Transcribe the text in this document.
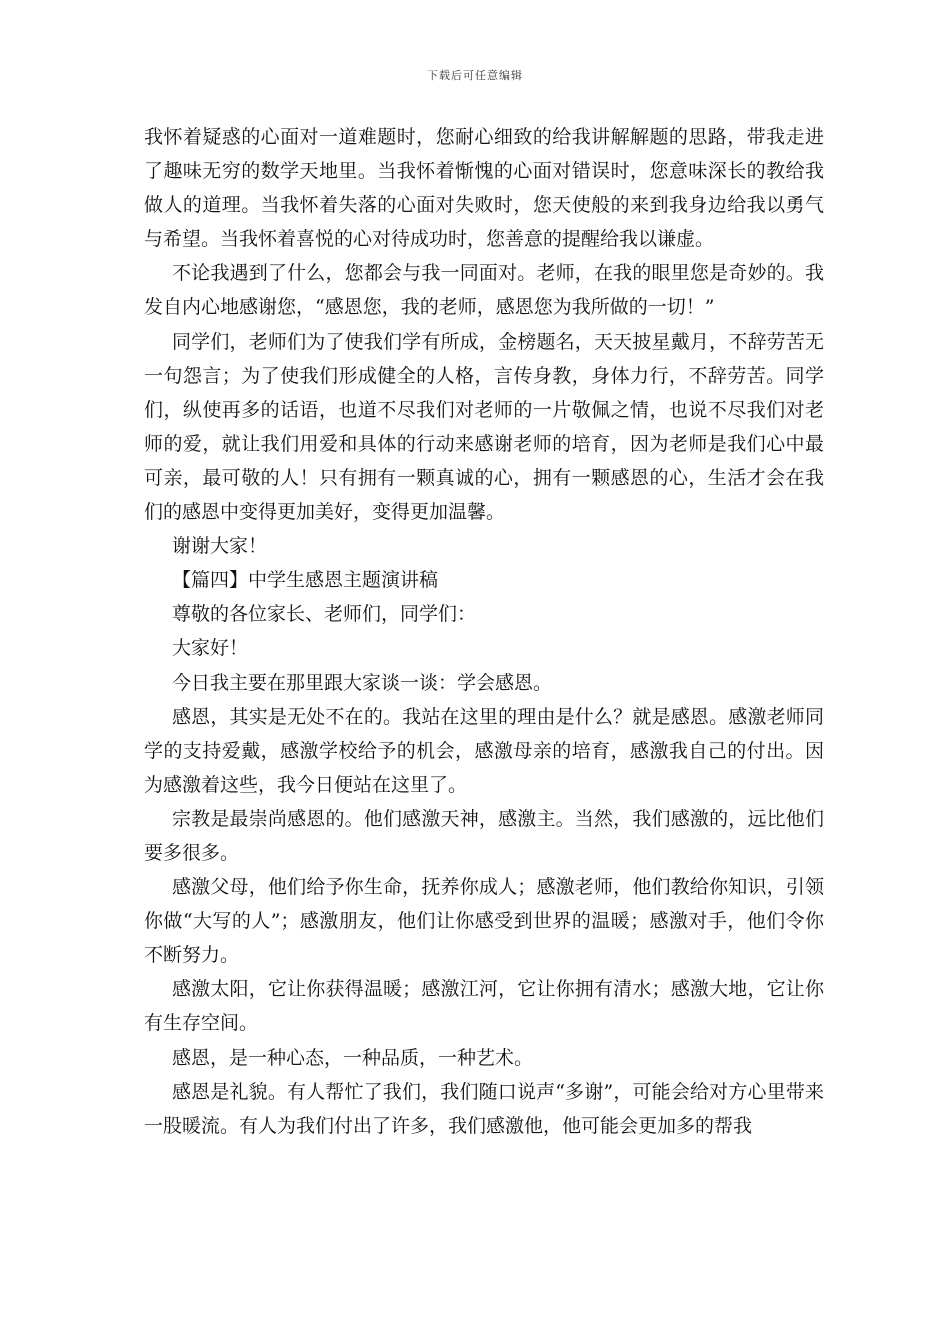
下载后可任意编辑

我怀着疑惑的心面对一道难题时，您耐心细致的给我讲解解题的思路，带我走进了趣味无穷的数学天地里。当我怀着惭愧的心面对错误时，您意味深长的教给我做人的道理。当我怀着失落的心面对失败时，您天使般的来到我身边给我以勇气与希望。当我怀着喜悦的心对待成功时，您善意的提醒给我以谦虚。

不论我遇到了什么，您都会与我一同面对。老师，在我的眼里您是奇妙的。我发自内心地感谢您，“感恩您，我的老师，感恩您为我所做的一切！”

同学们，老师们为了使我们学有所成，金榜题名，天天披星戴月，不辞劳苦无一句怨言；为了使我们形成健全的人格，言传身教，身体力行，不辞劳苦。同学们，纵使再多的话语，也道不尽我们对老师的一片敬佩之情，也说不尽我们对老师的爱，就让我们用爱和具体的行动来感谢老师的培育，因为老师是我们心中最可亲，最可敬的人！只有拥有一颗真诚的心，拥有一颗感恩的心，生活才会在我们的感恩中变得更加美好，变得更加温馨。

谢谢大家！

【篇四】中学生感恩主题演讲稿

尊敬的各位家长、老师们，同学们：

大家好！

今日我主要在那里跟大家谈一谈：学会感恩。

感恩，其实是无处不在的。我站在这里的理由是什么？就是感恩。感激老师同学的支持爱戴，感激学校给予的机会，感激母亲的培育，感激我自己的付出。因为感激着这些，我今日便站在这里了。

宗教是最崇尚感恩的。他们感激天神，感激主。当然，我们感激的，远比他们要多很多。

感激父母，他们给予你生命，抚养你成人；感激老师，他们教给你知识，引领你做“大写的人”；感激朋友，他们让你感受到世界的温暖；感激对手，他们令你不断努力。

感激太阳，它让你获得温暖；感激江河，它让你拥有清水；感激大地，它让你有生存空间。

感恩，是一种心态，一种品质，一种艺术。

感恩是礼貌。有人帮忙了我们，我们随口说声“多谢”，可能会给对方心里带来一股暖流。有人为我们付出了许多，我们感激他，他可能会更加多的帮我
